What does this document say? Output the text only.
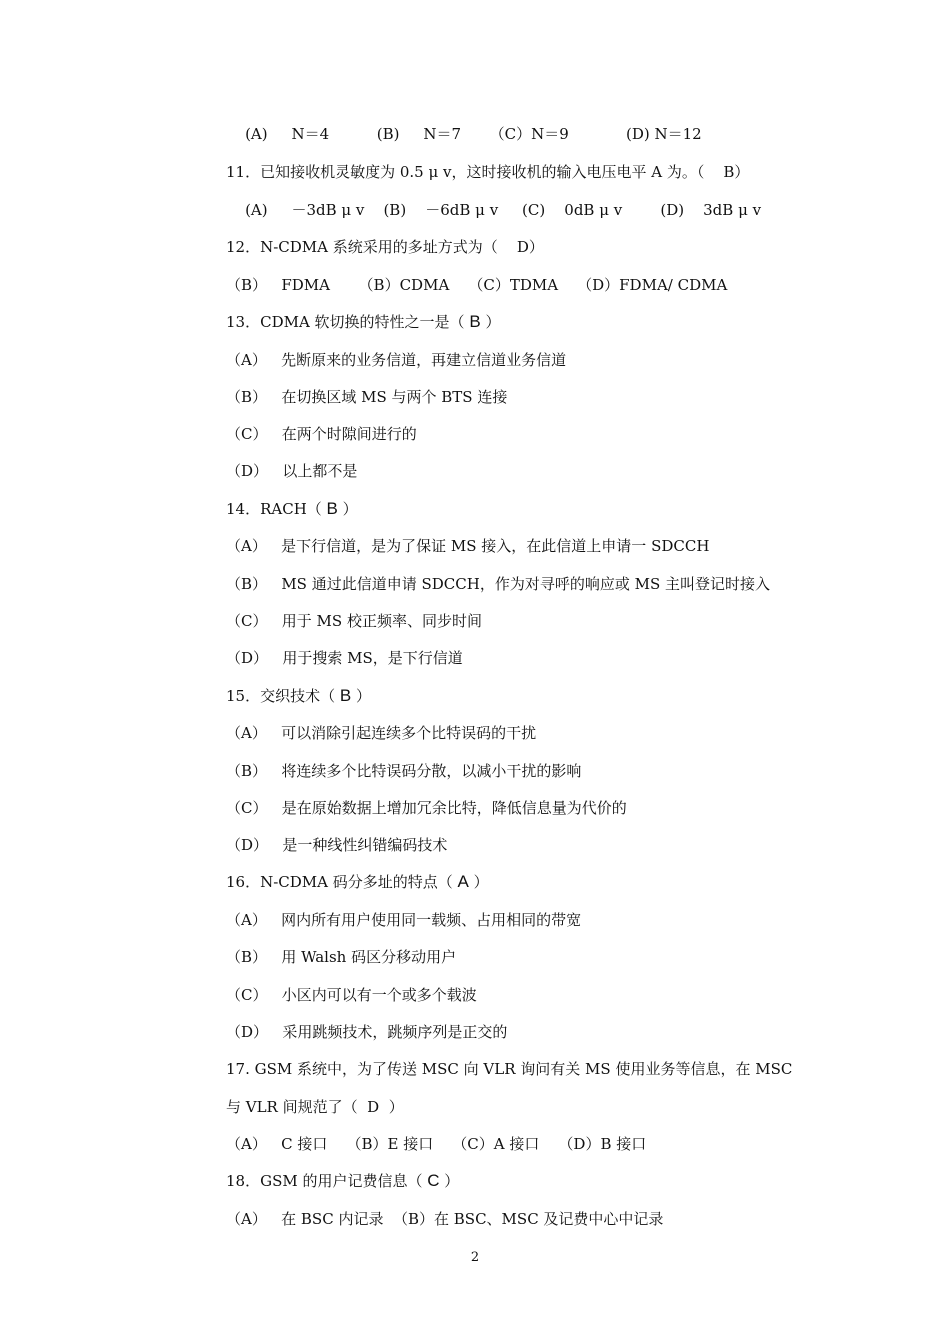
(A)     N＝4          (B)     N＝7      （C）N＝9            (D) N＝12
11．已知接收机灵敏度为 0.5 μ v，这时接收机的输入电压电平 A 为。（    B）
(A)     －3dB μ v    (B)    －6dB μ v     (C)    0dB μ v        (D)    3dB μ v
12．N-CDMA 系统采用的多址方式为（    D）
（B）   FDMA      （B）CDMA    （C）TDMA    （D）FDMA/ CDMA
13．CDMA 软切换的特性之一是（ B ）
（A）   先断原来的业务信道，再建立信道业务信道
（B）   在切换区域 MS 与两个 BTS 连接
（C）   在两个时隙间进行的
（D）   以上都不是
14．RACH（ B ）
（A）   是下行信道，是为了保证 MS 接入，在此信道上申请一 SDCCH
（B）   MS 通过此信道申请 SDCCH，作为对寻呼的响应或 MS 主叫登记时接入
（C）   用于 MS 校正频率、同步时间
（D）   用于搜索 MS，是下行信道
15．交织技术（ B ）
（A）   可以消除引起连续多个比特误码的干扰
（B）   将连续多个比特误码分散，以减小干扰的影响
（C）   是在原始数据上增加冗余比特，降低信息量为代价的
（D）   是一种线性纠错编码技术
16．N-CDMA 码分多址的特点（ A ）
（A）   网内所有用户使用同一载频、占用相同的带宽
（B）   用 Walsh 码区分移动用户
（C）   小区内可以有一个或多个载波
（D）   采用跳频技术，跳频序列是正交的
17. GSM 系统中，为了传送 MSC 向 VLR 询问有关 MS 使用业务等信息，在 MSC
与 VLR 间规范了（  D  ）
（A）   C 接口    （B）E 接口    （C）A 接口    （D）B 接口
18．GSM 的用户记费信息（ C ）
（A）   在 BSC 内记录  （B）在 BSC、MSC 及记费中心中记录
2
